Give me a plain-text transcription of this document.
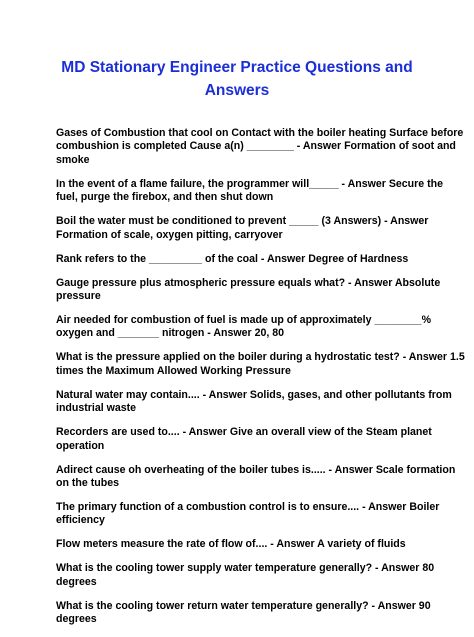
MD Stationary Engineer Practice Questions and
Answers
Gases of Combustion that cool on Contact with the boiler heating Surface before
combushion is completed Cause a(n) ________ - Answer Formation of soot and
smoke
In the event of a flame failure, the programmer will_____ - Answer Secure the
fuel, purge the firebox, and then shut down
Boil the water must be conditioned to prevent _____ (3 Answers) - Answer
Formation of scale, oxygen pitting, carryover
Rank refers to the _________ of the coal - Answer Degree of Hardness
Gauge pressure plus atmospheric pressure equals what? - Answer Absolute
pressure
Air needed for combustion of fuel is made up of approximately ________%
oxygen and _______ nitrogen - Answer 20, 80
What is the pressure applied on the boiler during a hydrostatic test? - Answer 1.5
times the Maximum Allowed Working Pressure
Natural water may contain.... - Answer Solids, gases, and other pollutants from
industrial waste
Recorders are used to.... - Answer Give an overall view of the Steam planet
operation
Adirect cause oh overheating of the boiler tubes is..... - Answer Scale formation
on the tubes
The primary function of a combustion control is to ensure.... - Answer Boiler
efficiency
Flow meters measure the rate of flow of.... - Answer A variety of fluids
What is the cooling tower supply water temperature generally? - Answer 80
degrees
What is the cooling tower return water temperature generally? - Answer 90
degrees
